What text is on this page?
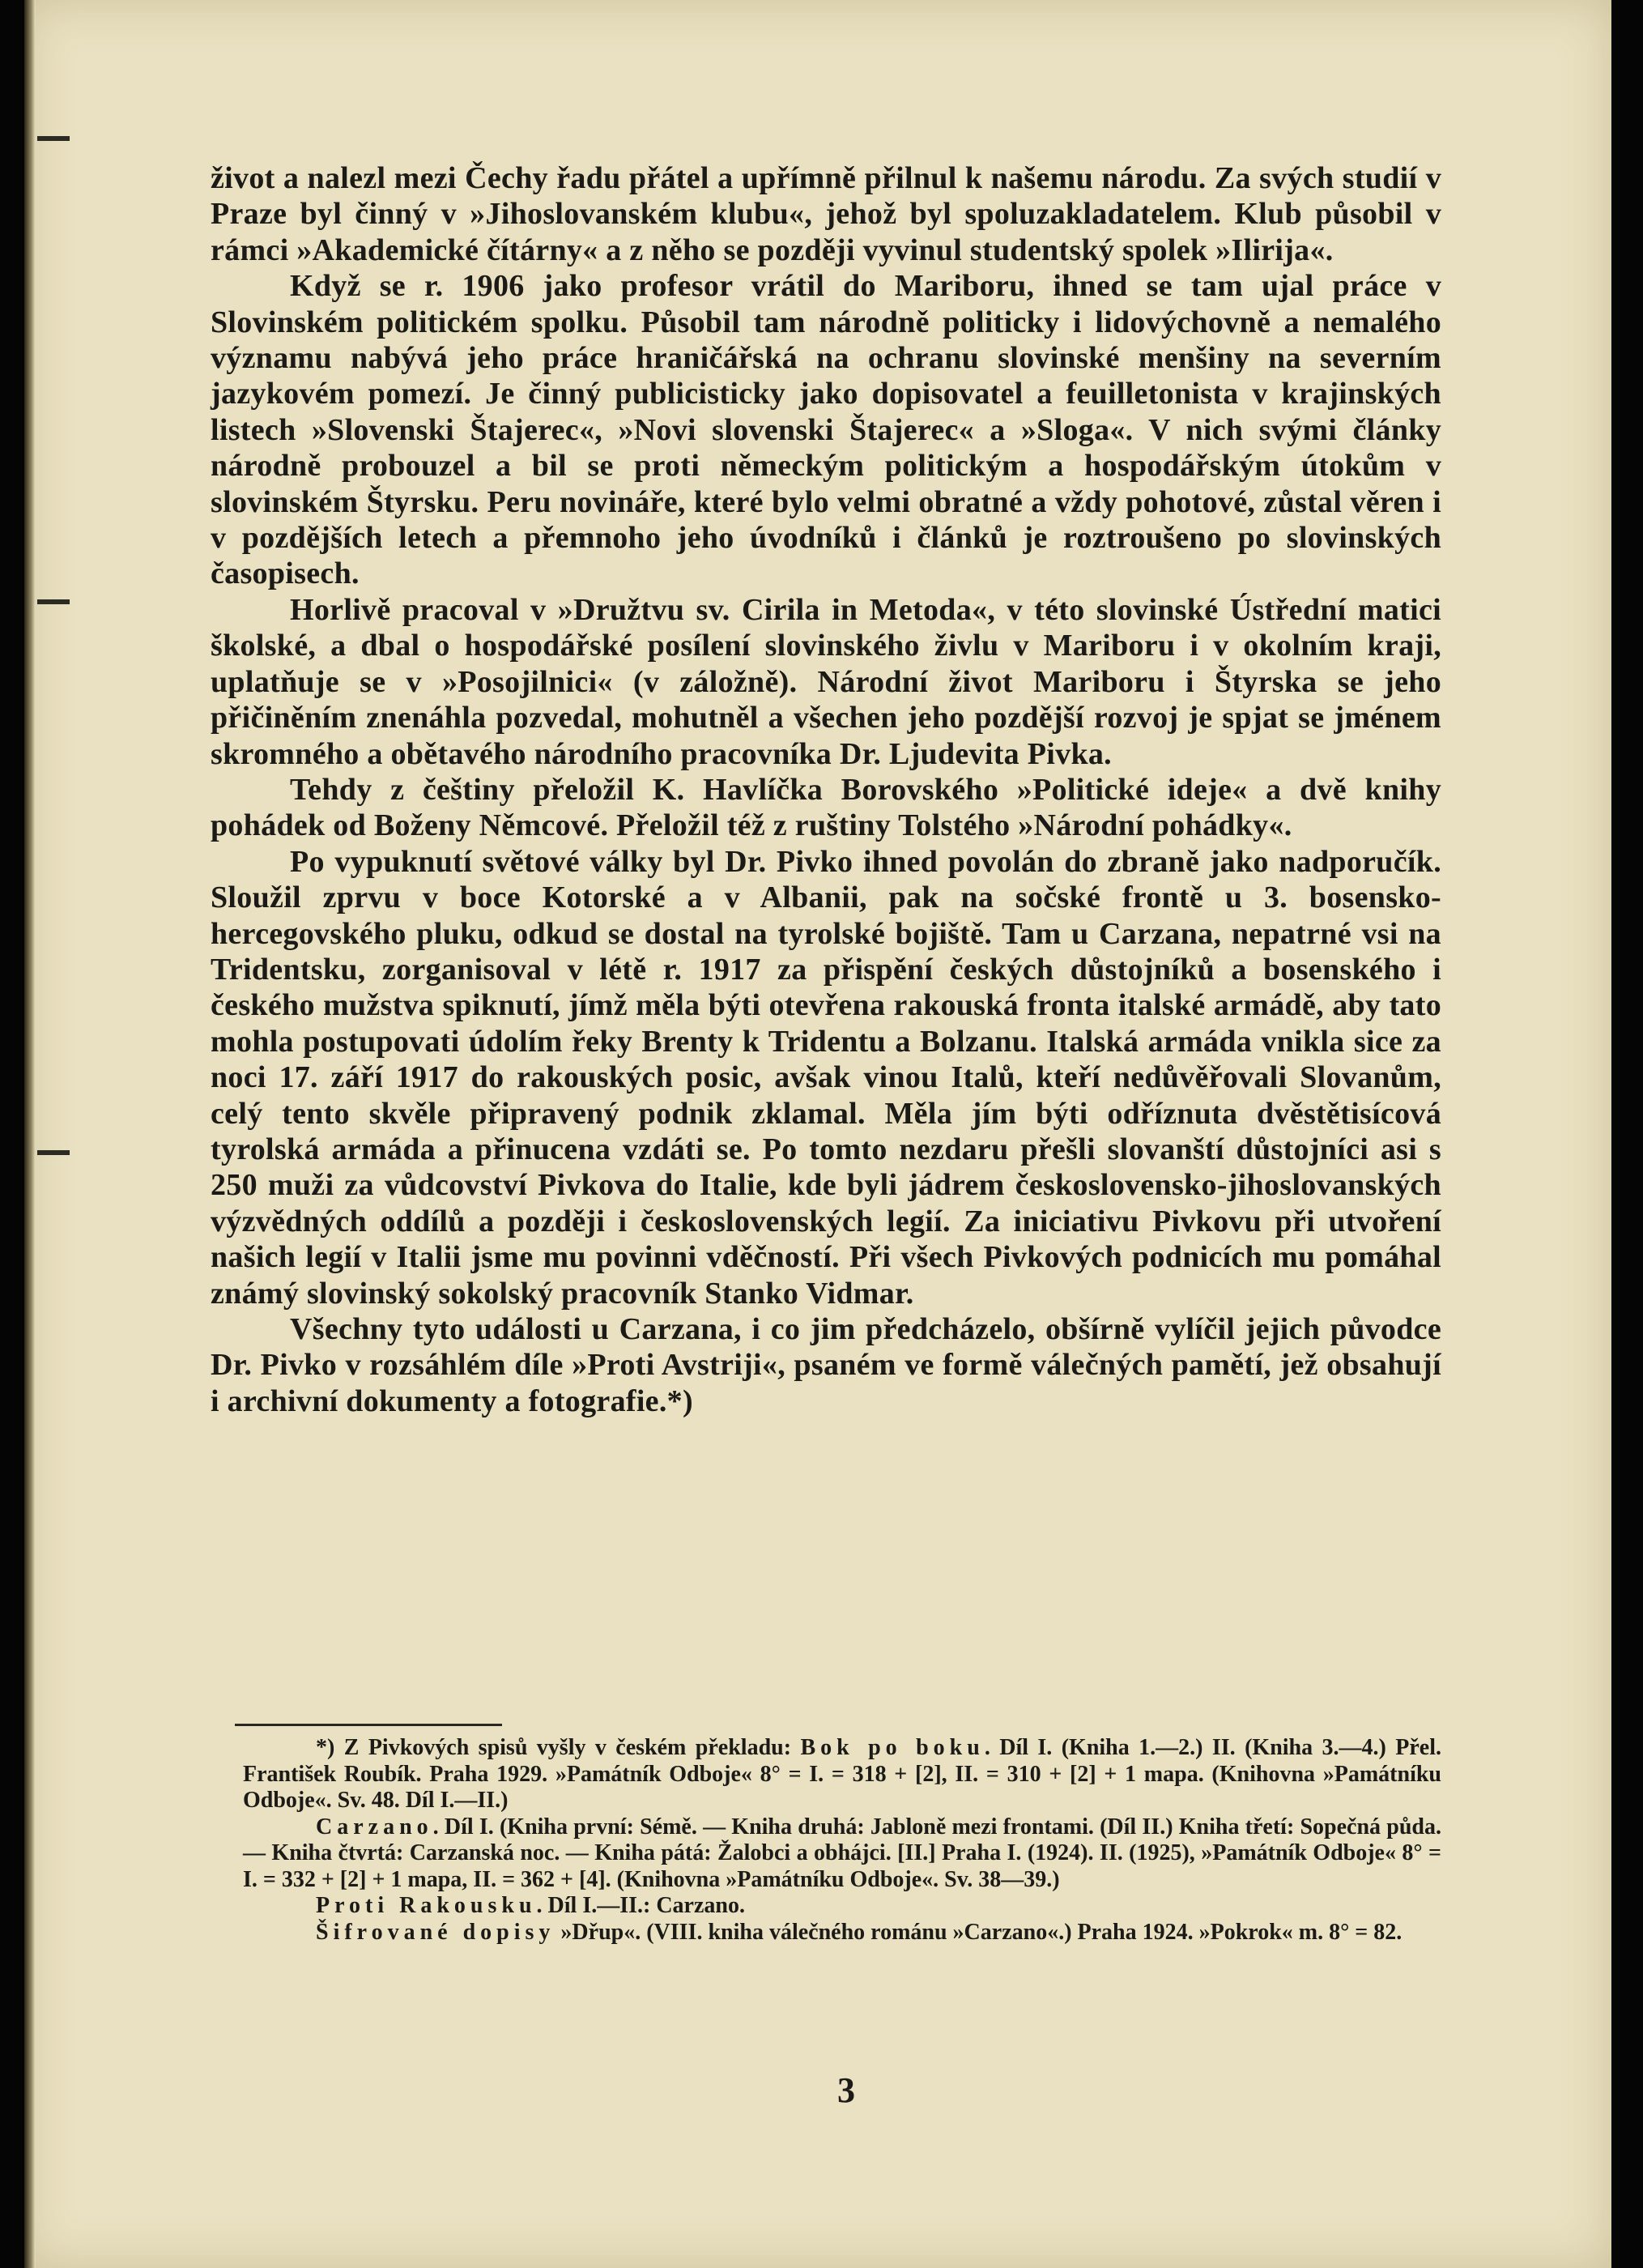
život a nalezl mezi Čechy řadu přátel a upřímně přilnul k našemu národu. Za svých studií v Praze byl činný v »Jihoslovanském klubu«, jehož byl spoluzakladatelem. Klub působil v rámci »Akademické čítárny« a z něho se později vyvinul studentský spolek »Ilirija«.

Když se r. 1906 jako profesor vrátil do Mariboru, ihned se tam ujal práce v Slovinském politickém spolku. Působil tam národně politicky i lidovýchovně a nemalého významu nabývá jeho práce hraničářská na ochranu slovinské menšiny na severním jazykovém pomezí. Je činný publicisticky jako dopisovatel a feuilletonista v krajinských listech »Slovenski Štajerec«, »Novi slovenski Štajerec« a »Sloga«. V nich svými články národně probouzel a bil se proti německým politickým a hospodářským útokům v slovinském Štyrsku. Peru novináře, které bylo velmi obratné a vždy pohotové, zůstal věren i v pozdějších letech a přemnoho jeho úvodníků i článků je roztroušeno po slovinských časopisech.

Horlivě pracoval v »Družtvu sv. Cirila in Metoda«, v této slovinské Ústřední matici školské, a dbal o hospodářské posílení slovinského živlu v Mariboru i v okolním kraji, uplatňuje se v »Posojilnici« (v záložně). Národní život Mariboru i Štyrska se jeho přičiněním znenáhla pozvedal, mohutněl a všechen jeho pozdější rozvoj je spjat se jménem skromného a obětavého národního pracovníka Dr. Ljudevita Pivka.

Tehdy z češtiny přeložil K. Havlíčka Borovského »Politické ideje« a dvě knihy pohádek od Boženy Němcové. Přeložil též z ruštiny Tolstého »Národní pohádky«.

Po vypuknutí světové války byl Dr. Pivko ihned povolán do zbraně jako nadporučík. Sloužil zprvu v boce Kotorské a v Albanii, pak na sočské frontě u 3. bosensko-hercegovského pluku, odkud se dostal na tyrolské bojiště. Tam u Carzana, nepatrné vsi na Tridentsku, zorganisoval v létě r. 1917 za přispění českých důstojníků a bosenského i českého mužstva spiknutí, jímž měla býti otevřena rakouská fronta italské armádě, aby tato mohla postupovati údolím řeky Brenty k Tridentu a Bolzanu. Italská armáda vnikla sice za noci 17. září 1917 do rakouských posic, avšak vinou Italů, kteří nedůvěřovali Slovanům, celý tento skvěle připravený podnik zklamal. Měla jím býti odříznuta dvěstětisícová tyrolská armáda a přinucena vzdáti se. Po tomto nezdaru přešli slovanští důstojníci asi s 250 muži za vůdcovství Pivkova do Italie, kde byli jádrem československo-jihoslovanských výzvědných oddílů a později i československých legií. Za iniciativu Pivkovu při utvoření našich legií v Italii jsme mu povinni vděčností. Při všech Pivkových podnicích mu pomáhal známý slovinský sokolský pracovník Stanko Vidmar.

Všechny tyto události u Carzana, i co jim předcházelo, obšírně vylíčil jejich původce Dr. Pivko v rozsáhlém díle »Proti Avstriji«, psaném ve formě válečných pamětí, jež obsahují i archivní dokumenty a fotografie.*)

*) Z Pivkových spisů vyšly v českém překladu: Bok po boku. Díl I. (Kniha 1.—2.) II. (Kniha 3.—4.) Přel. František Roubík. Praha 1929. »Památník Odboje« 8° = I. = 318 + [2], II. = 310 + [2] + 1 mapa. (Knihovna »Památníku Odboje«. Sv. 48. Díl I.—II.)

Carzano. Díl I. (Kniha první: Sémě. — Kniha druhá: Jabloně mezi frontami. (Díl II.) Kniha třetí: Sopečná půda. — Kniha čtvrtá: Carzanská noc. — Kniha pátá: Žalobci a obhájci. [II.] Praha I. (1924). II. (1925), »Památník Odboje« 8° = I. = 332 + [2] + 1 mapa, II. = 362 + [4]. (Knihovna »Památníku Odboje«. Sv. 38—39.)

Proti Rakousku. Díl I.—II.: Carzano.

Šifrované dopisy »Dřup«. (VIII. kniha válečného románu »Carzano«.) Praha 1924. »Pokrok« m. 8° = 82.

3
